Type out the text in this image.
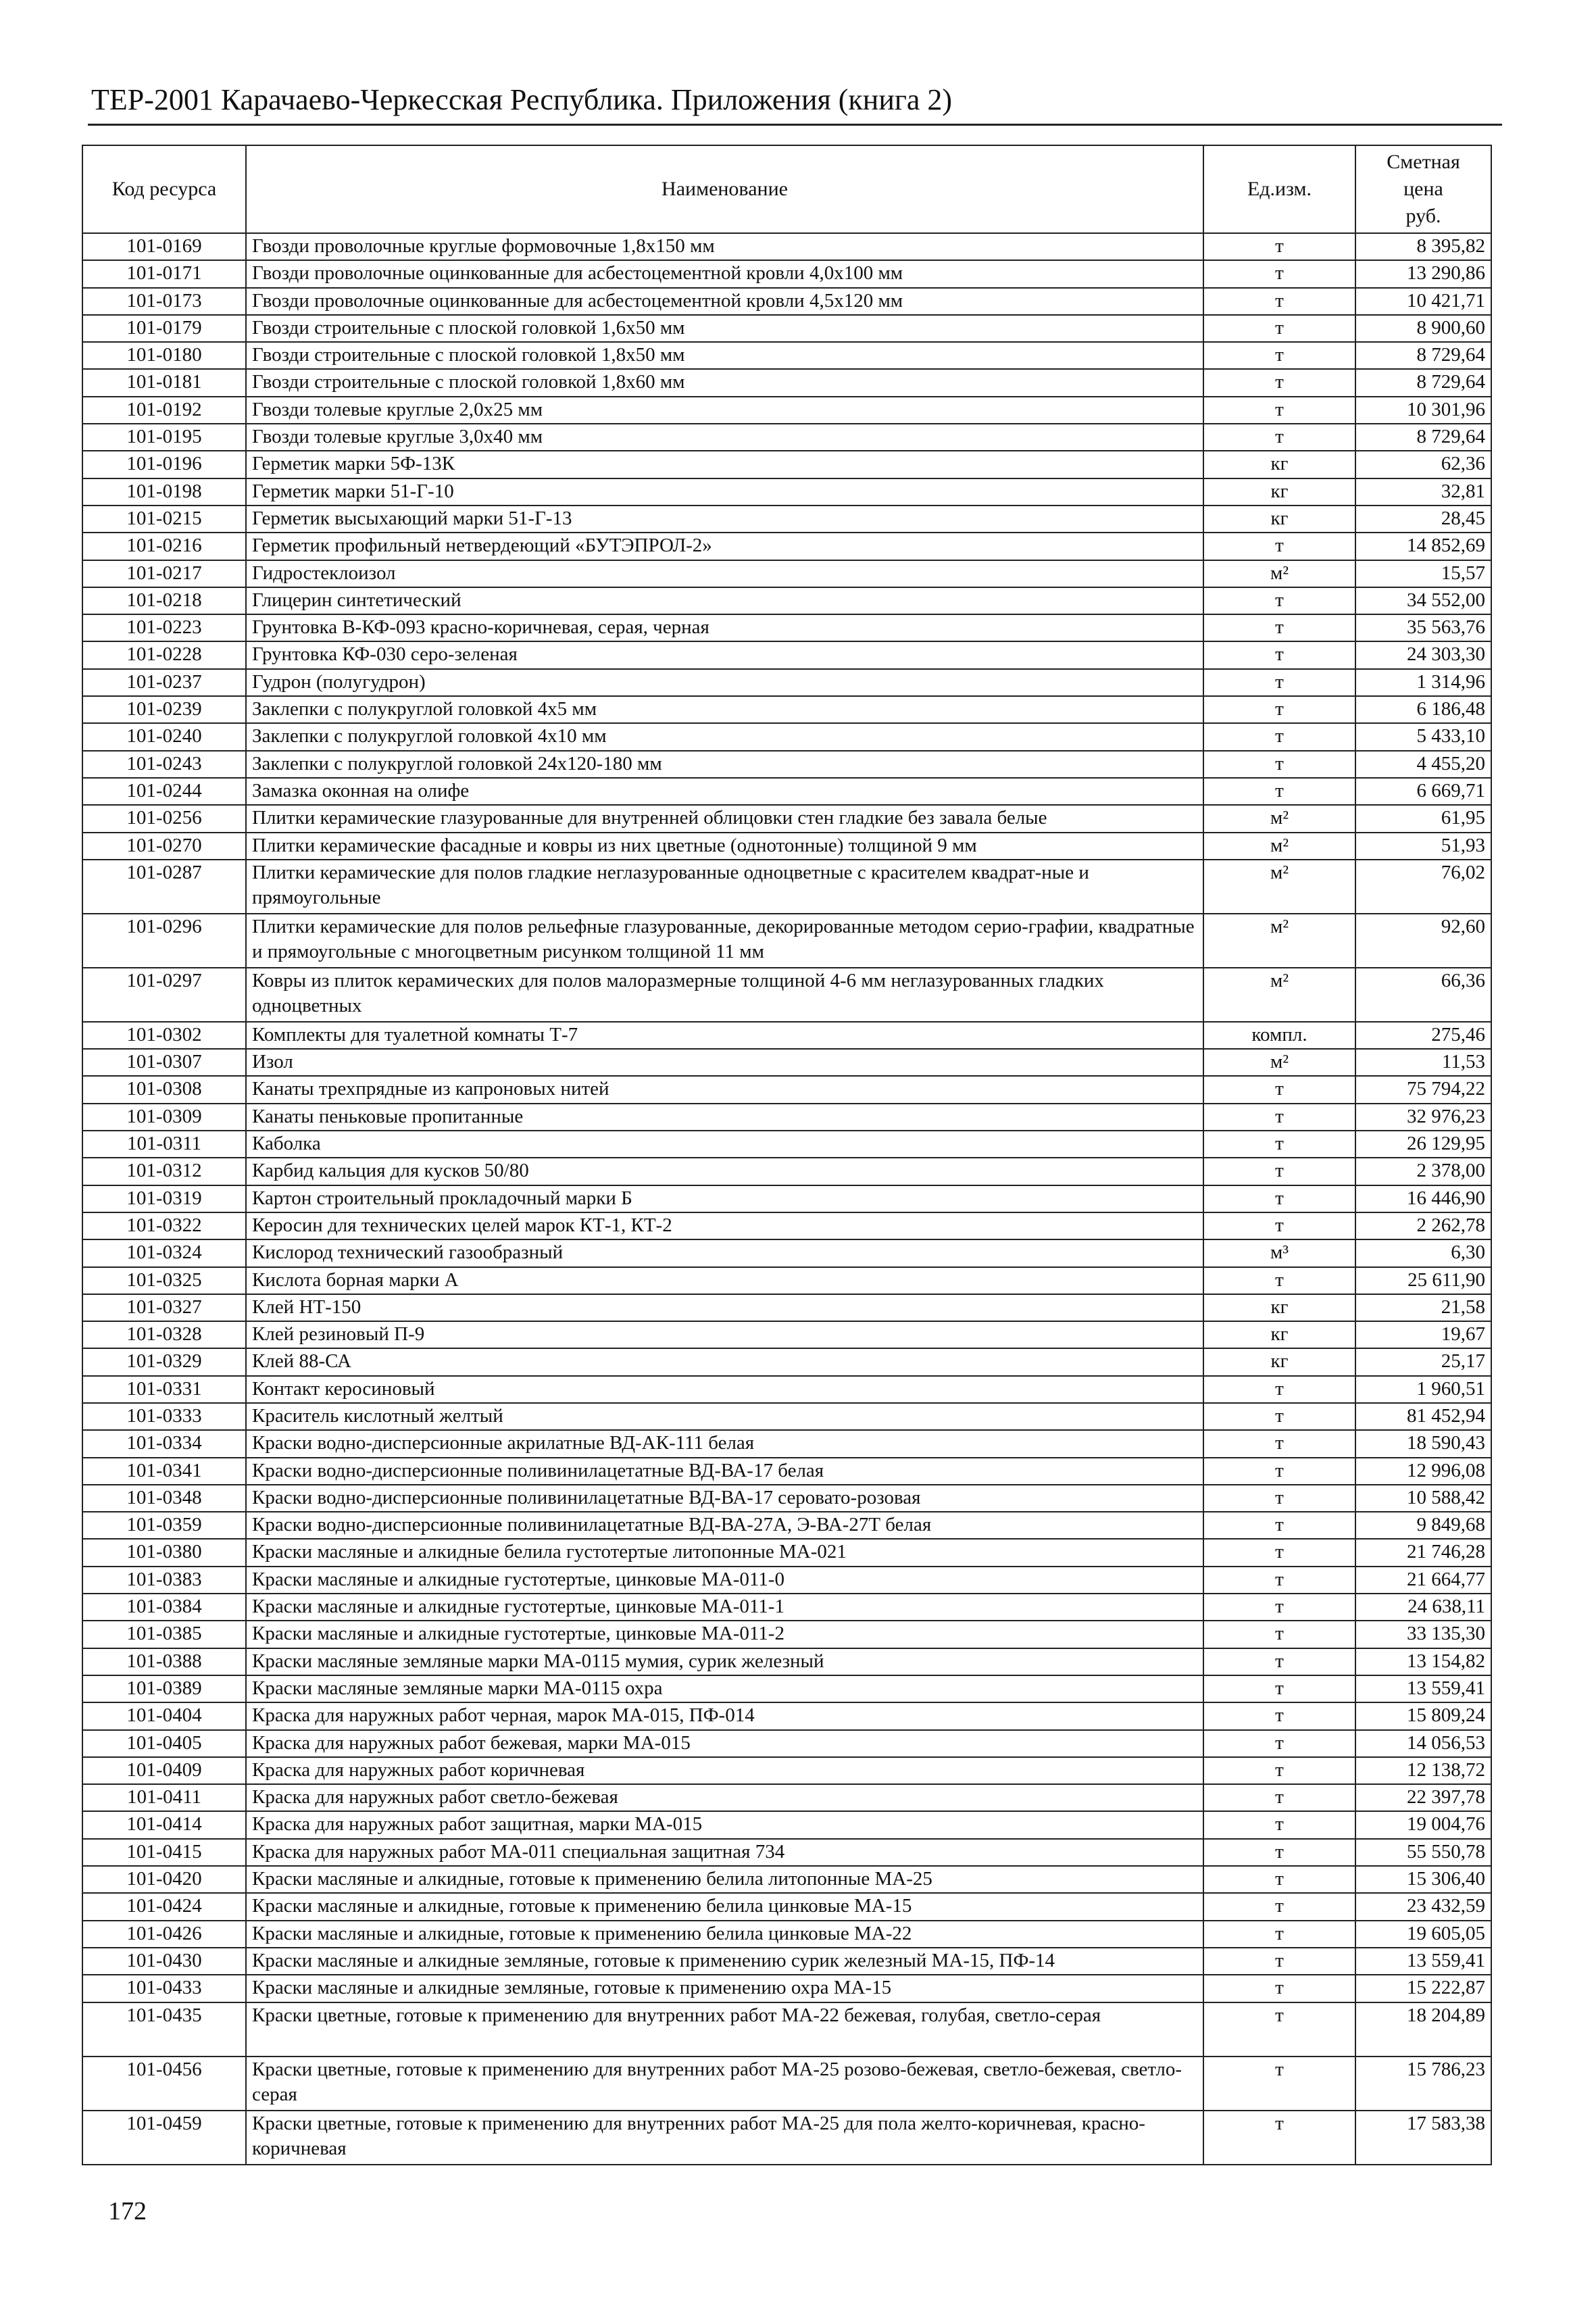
ТЕР-2001 Карачаево-Черкесская Республика. Приложения (книга 2)
Код ресурса	Наименование	Ед.изм.	Сметная
цена
руб.

101-0169	Гвозди проволочные круглые формовочные 1,8х150 мм	т	8 395,82
101-0171	Гвозди проволочные оцинкованные для асбестоцементной кровли 4,0х100 мм	т	13 290,86
101-0173	Гвозди проволочные оцинкованные для асбестоцементной кровли 4,5х120 мм	т	10 421,71
101-0179	Гвозди строительные с плоской головкой 1,6х50 мм	т	8 900,60
101-0180	Гвозди строительные с плоской головкой 1,8х50 мм	т	8 729,64
101-0181	Гвозди строительные с плоской головкой 1,8х60 мм	т	8 729,64
101-0192	Гвозди толевые круглые 2,0х25 мм	т	10 301,96
101-0195	Гвозди толевые круглые 3,0х40 мм	т	8 729,64
101-0196	Герметик марки 5Ф-13К	кг	62,36
101-0198	Герметик марки 51-Г-10	кг	32,81
101-0215	Герметик высыхающий марки 51-Г-13	кг	28,45
101-0216	Герметик профильный нетвердеющий «БУТЭПРОЛ-2»	т	14 852,69
101-0217	Гидростеклоизол	м²	15,57
101-0218	Глицерин синтетический	т	34 552,00
101-0223	Грунтовка В-КФ-093 красно-коричневая, серая, черная	т	35 563,76
101-0228	Грунтовка КФ-030 серо-зеленая	т	24 303,30
101-0237	Гудрон (полугудрон)	т	1 314,96
101-0239	Заклепки с полукруглой головкой 4х5 мм	т	6 186,48
101-0240	Заклепки с полукруглой головкой 4х10 мм	т	5 433,10
101-0243	Заклепки с полукруглой головкой 24х120-180 мм	т	4 455,20
101-0244	Замазка оконная на олифе	т	6 669,71
101-0256	Плитки керамические глазурованные для внутренней облицовки стен гладкие без завала белые	м²	61,95
101-0270	Плитки керамические фасадные и ковры из них цветные (однотонные) толщиной 9 мм	м²	51,93
101-0287	Плитки керамические для полов гладкие неглазурованные одноцветные с красителем квадрат-ные и прямоугольные	м²	76,02
101-0296	Плитки керамические для полов рельефные глазурованные, декорированные методом серио-графии, квадратные и прямоугольные с многоцветным рисунком толщиной 11 мм	м²	92,60
101-0297	Ковры из плиток керамических для полов малоразмерные толщиной 4-6 мм неглазурованных гладких одноцветных	м²	66,36
101-0302	Комплекты для туалетной комнаты Т-7	компл.	275,46
101-0307	Изол	м²	11,53
101-0308	Канаты трехпрядные из капроновых нитей	т	75 794,22
101-0309	Канаты пеньковые пропитанные	т	32 976,23
101-0311	Каболка	т	26 129,95
101-0312	Карбид кальция для кусков 50/80	т	2 378,00
101-0319	Картон строительный прокладочный марки Б	т	16 446,90
101-0322	Керосин для технических целей марок КТ-1, КТ-2	т	2 262,78
101-0324	Кислород технический газообразный	м³	6,30
101-0325	Кислота борная марки А	т	25 611,90
101-0327	Клей НТ-150	кг	21,58
101-0328	Клей резиновый П-9	кг	19,67
101-0329	Клей 88-СА	кг	25,17
101-0331	Контакт керосиновый	т	1 960,51
101-0333	Краситель кислотный желтый	т	81 452,94
101-0334	Краски водно-дисперсионные акрилатные ВД-АК-111 белая	т	18 590,43
101-0341	Краски водно-дисперсионные поливинилацетатные ВД-ВА-17 белая	т	12 996,08
101-0348	Краски водно-дисперсионные поливинилацетатные ВД-ВА-17 серовато-розовая	т	10 588,42
101-0359	Краски водно-дисперсионные поливинилацетатные ВД-ВА-27А, Э-ВА-27Т белая	т	9 849,68
101-0380	Краски масляные и алкидные белила густотертые литопонные МА-021	т	21 746,28
101-0383	Краски масляные и алкидные густотертые, цинковые МА-011-0	т	21 664,77
101-0384	Краски масляные и алкидные густотертые, цинковые МА-011-1	т	24 638,11
101-0385	Краски масляные и алкидные густотертые, цинковые МА-011-2	т	33 135,30
101-0388	Краски масляные земляные марки МА-0115 мумия, сурик железный	т	13 154,82
101-0389	Краски масляные земляные марки МА-0115 охра	т	13 559,41
101-0404	Краска для наружных работ черная, марок МА-015, ПФ-014	т	15 809,24
101-0405	Краска для наружных работ бежевая, марки МА-015	т	14 056,53
101-0409	Краска для наружных работ коричневая	т	12 138,72
101-0411	Краска для наружных работ светло-бежевая	т	22 397,78
101-0414	Краска для наружных работ защитная, марки МА-015	т	19 004,76
101-0415	Краска для наружных работ МА-011 специальная защитная 734	т	55 550,78
101-0420	Краски масляные и алкидные, готовые к применению белила литопонные МА-25	т	15 306,40
101-0424	Краски масляные и алкидные, готовые к применению белила цинковые МА-15	т	23 432,59
101-0426	Краски масляные и алкидные, готовые к применению белила цинковые МА-22	т	19 605,05
101-0430	Краски масляные и алкидные земляные, готовые к применению сурик железный МА-15, ПФ-14	т	13 559,41
101-0433	Краски масляные и алкидные земляные, готовые к применению охра МА-15	т	15 222,87
101-0435	Краски цветные, готовые к применению для внутренних работ МА-22 бежевая, голубая, светло-серая	т	18 204,89
101-0456	Краски цветные, готовые к применению для внутренних работ МА-25 розово-бежевая, светло-бежевая, светло-серая	т	15 786,23
101-0459	Краски цветные, готовые к применению для внутренних работ МА-25 для пола желто-коричневая, красно-коричневая	т	17 583,38
172
